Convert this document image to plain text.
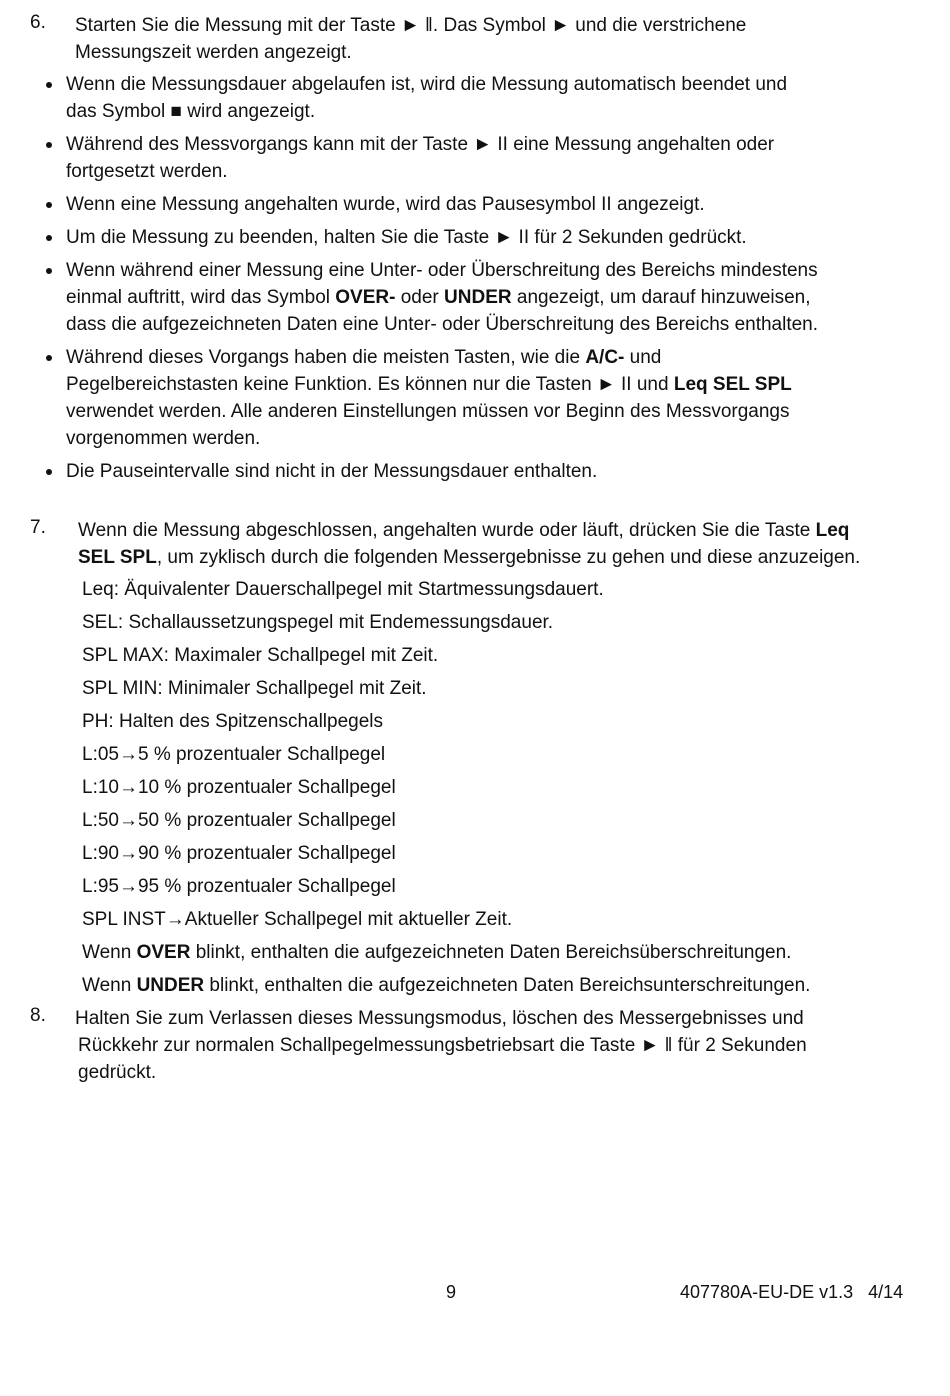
6. Starten Sie die Messung mit der Taste ► ‖. Das Symbol ► und die verstrichene
Messungszeit werden angezeigt.
Wenn die Messungsdauer abgelaufen ist, wird die Messung automatisch beendet und
das Symbol ■ wird angezeigt.
Während des Messvorgangs kann mit der Taste ► II eine Messung angehalten oder
fortgesetzt werden.
Wenn eine Messung angehalten wurde, wird das Pausesymbol II angezeigt.
Um die Messung zu beenden, halten Sie die Taste ► II für 2 Sekunden gedrückt.
Wenn während einer Messung eine Unter- oder Überschreitung des Bereichs mindestens
einmal auftritt, wird das Symbol OVER- oder UNDER angezeigt, um darauf hinzuweisen,
dass die aufgezeichneten Daten eine Unter- oder Überschreitung des Bereichs enthalten.
Während dieses Vorgangs haben die meisten Tasten, wie die A/C- und
Pegelbereichstasten keine Funktion. Es können nur die Tasten ► II und Leq SEL SPL
verwendet werden. Alle anderen Einstellungen müssen vor Beginn des Messvorgangs
vorgenommen werden.
Die Pauseintervalle sind nicht in der Messungsdauer enthalten.
7. Wenn die Messung abgeschlossen, angehalten wurde oder läuft, drücken Sie die Taste Leq
SEL SPL, um zyklisch durch die folgenden Messergebnisse zu gehen und diese anzuzeigen.
Leq: Äquivalenter Dauerschallpegel mit Startmessungsdauert.
SEL: Schallaussetzungspegel mit Endemessungsdauer.
SPL MAX: Maximaler Schallpegel mit Zeit.
SPL MIN: Minimaler Schallpegel mit Zeit.
PH: Halten des Spitzenschallpegels
L:05→5 % prozentualer Schallpegel
L:10→10 % prozentualer Schallpegel
L:50→50 % prozentualer Schallpegel
L:90→90 % prozentualer Schallpegel
L:95→95 % prozentualer Schallpegel
SPL INST→Aktueller Schallpegel mit aktueller Zeit.
Wenn OVER blinkt, enthalten die aufgezeichneten Daten Bereichsüberschreitungen.
Wenn UNDER blinkt, enthalten die aufgezeichneten Daten Bereichsunterschreitungen.
8. Halten Sie zum Verlassen dieses Messungsmodus, löschen des Messergebnisses und
Rückkehr zur normalen Schallpegelmessungsbetriebsart die Taste ► ‖ für 2 Sekunden
gedrückt.
9	407780A-EU-DE v1.3   4/14
